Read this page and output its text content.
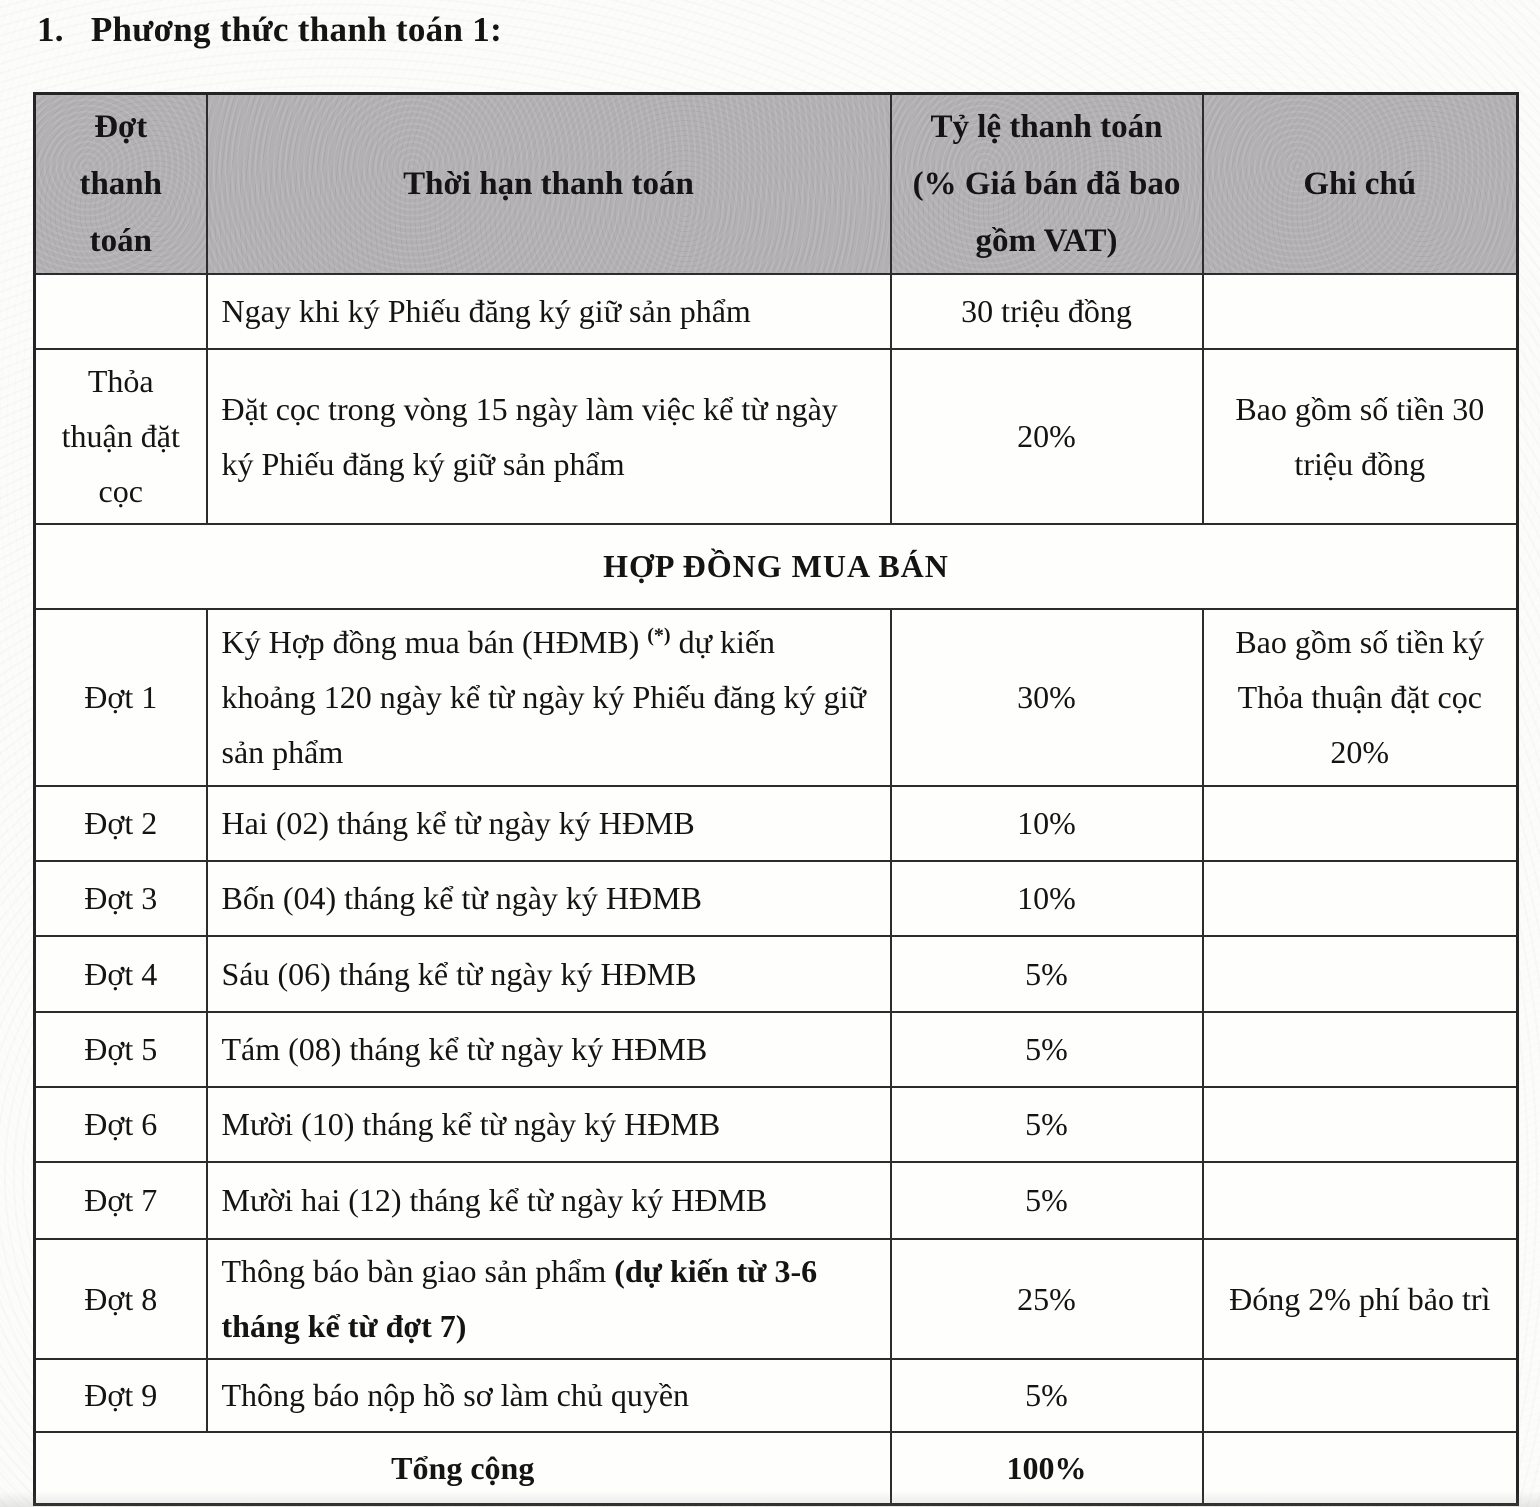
1. Phương thức thanh toán 1:
Đợt thanh toán	Thời hạn thanh toán	Tỷ lệ thanh toán (% Giá bán đã bao gồm VAT)	Ghi chú
	Ngay khi ký Phiếu đăng ký giữ sản phẩm	30 triệu đồng	
Thỏa thuận đặt cọc	Đặt cọc trong vòng 15 ngày làm việc kể từ ngày ký Phiếu đăng ký giữ sản phẩm	20%	Bao gồm số tiền 30 triệu đồng
HỢP ĐỒNG MUA BÁN			
Đợt 1	Ký Hợp đồng mua bán (HĐMB) (*) dự kiến khoảng 120 ngày kể từ ngày ký Phiếu đăng ký giữ sản phẩm	30%	Bao gồm số tiền ký Thỏa thuận đặt cọc 20%
Đợt 2	Hai (02) tháng kể từ ngày ký HĐMB	10%	
Đợt 3	Bốn (04) tháng kể từ ngày ký HĐMB	10%	
Đợt 4	Sáu (06) tháng kể từ ngày ký HĐMB	5%	
Đợt 5	Tám (08) tháng kể từ ngày ký HĐMB	5%	
Đợt 6	Mười (10) tháng kể từ ngày ký HĐMB	5%	
Đợt 7	Mười hai (12) tháng kể từ ngày ký HĐMB	5%	
Đợt 8	Thông báo bàn giao sản phẩm (dự kiến từ 3-6 tháng kể từ đợt 7)	25%	Đóng 2% phí bảo trì
Đợt 9	Thông báo nộp hồ sơ làm chủ quyền	5%	
Tổng cộng		100%	
